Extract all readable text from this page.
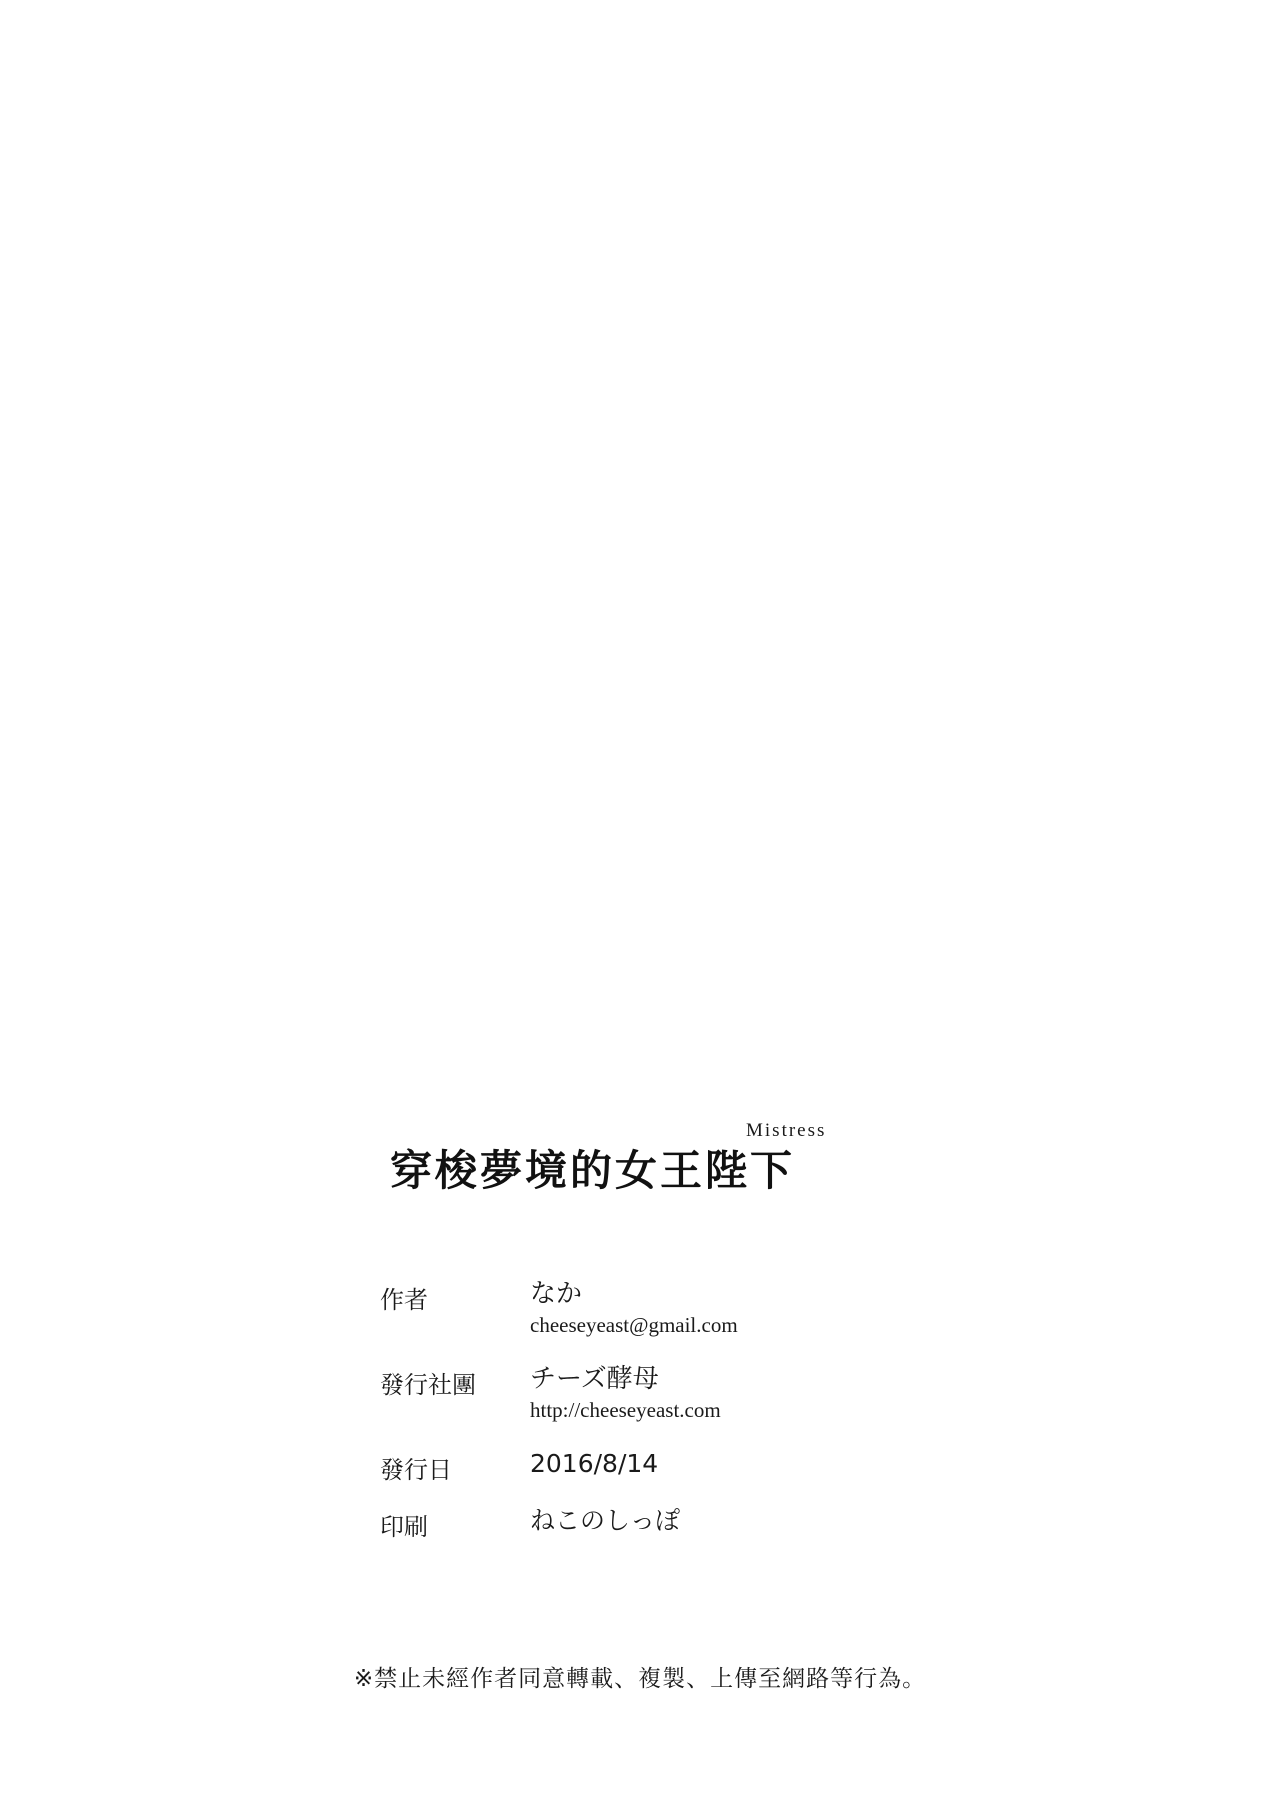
Mistress
穿梭夢境的女王陛下
作者	なか
cheeseyeast@gmail.com
發行社團	チーズ酵母
http://cheeseyeast.com
發行日	2016/8/14
印刷	ねこのしっぽ
※禁止未經作者同意轉載、複製、上傳至網路等行為。
